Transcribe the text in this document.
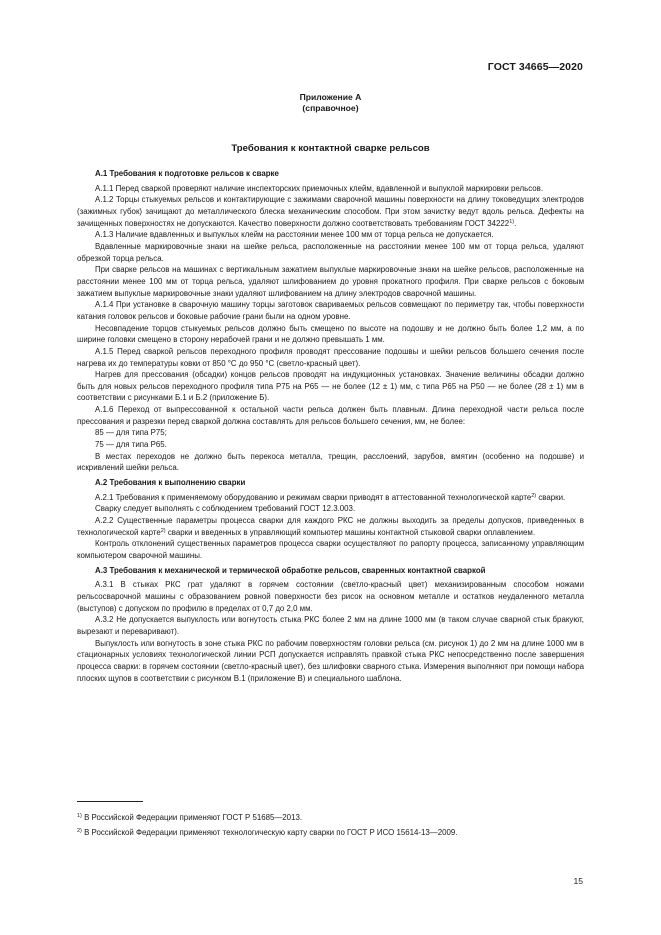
ГОСТ 34665—2020
Приложение А
(справочное)
Требования к контактной сварке рельсов

А.1 Требования к подготовке рельсов к сварке

А.1.1 Перед сваркой проверяют наличие инспекторских приемочных клейм, вдавленной и выпуклой маркировки рельсов.

А.1.2 Торцы стыкуемых рельсов и контактирующие с зажимами сварочной машины поверхности на длину токоведущих электродов (зажимных губок) зачищают до металлического блеска механическим способом. При этом зачистку ведут вдоль рельса. Дефекты на зачищенных поверхностях не допускаются. Качество поверхности должно соответствовать требованиям ГОСТ 34222$^{1)}$.

А.1.3 Наличие вдавленных и выпуклых клейм на расстоянии менее 100 мм от торца рельса не допускается.

Вдавленные маркировочные знаки на шейке рельса, расположенные на расстоянии менее 100 мм от торца рельса, удаляют обрезкой торца рельса.

При сварке рельсов на машинах с вертикальным зажатием выпуклые маркировочные знаки на шейке рельсов, расположенные на расстоянии менее 100 мм от торца рельса, удаляют шлифованием до уровня прокатного профиля. При сварке рельсов с боковым зажатием выпуклые маркировочные знаки удаляют шлифованием на длину электродов сварочной машины.

А.1.4 При установке в сварочную машину торцы заготовок свариваемых рельсов совмещают по периметру так, чтобы поверхности катания головок рельсов и боковые рабочие грани были на одном уровне.

Несовпадение торцов стыкуемых рельсов должно быть смещено по высоте на подошву и не должно быть более 1,2 мм, а по ширине головки смещено в сторону нерабочей грани и не должно превышать 1 мм.

А.1.5 Перед сваркой рельсов переходного профиля проводят прессование подошвы и шейки рельсов большего сечения после нагрева их до температуры ковки от 850 °С до 950 °С (светло-красный цвет).

Нагрев для прессования (обсадки) концов рельсов проводят на индукционных установках. Значение величины обсадки должно быть для новых рельсов переходного профиля типа Р75 на Р65 — не более (12 ± 1) мм, с типа Р65 на Р50 — не более (28 ± 1) мм в соответствии с рисунками Б.1 и Б.2 (приложение Б).

А.1.6 Переход от выпрессованной к остальной части рельса должен быть плавным. Длина переходной части рельса после прессования и разрезки перед сваркой должна составлять для рельсов большего сечения, мм, не более:

85 — для типа Р75;

75 — для типа Р65.

В местах переходов не должно быть перекоса металла, трещин, расслоений, зарубов, вмятин (особенно на подошве) и искривлений шейки рельса.

А.2 Требования к выполнению сварки

А.2.1 Требования к применяемому оборудованию и режимам сварки приводят в аттестованной технологической карте$^{2)}$ сварки.

Сварку следует выполнять с соблюдением требований ГОСТ 12.3.003.

А.2.2 Существенные параметры процесса сварки для каждого РКС не должны выходить за пределы допусков, приведенных в технологической карте$^{2)}$ сварки и введенных в управляющий компьютер машины контактной стыковой сварки оплавлением.

Контроль отклонений существенных параметров процесса сварки осуществляют по рапорту процесса, записанному управляющим компьютером сварочной машины.

А.3 Требования к механической и термической обработке рельсов, сваренных контактной сваркой

А.3.1 В стыках РКС грат удаляют в горячем состоянии (светло-красный цвет) механизированным способом ножами рельсосварочной машины с образованием ровной поверхности без рисок на основном металле и остатков неудаленного металла (выступов) с допуском по профилю в пределах от 0,7 до 2,0 мм.

А.3.2 Не допускается выпуклость или вогнутость стыка РКС более 2 мм на длине 1000 мм (в таком случае сварной стык бракуют, вырезают и переваривают).

Выпуклость или вогнутость в зоне стыка РКС по рабочим поверхностям головки рельса (см. рисунок 1) до 2 мм на длине 1000 мм в стационарных условиях технологической линии РСП допускается исправлять правкой стыка РКС непосредственно после завершения процесса сварки: в горячем состоянии (светло-красный цвет), без шлифовки сварного стыка. Измерения выполняют при помощи набора плоских щупов в соответствии с рисунком В.1 (приложение В) и специального шаблона.

$^{1)}$ В Российской Федерации применяют ГОСТ Р 51685—2013.
$^{2)}$ В Российской Федерации применяют технологическую карту сварки по ГОСТ Р ИСО 15614-13—2009.
15
